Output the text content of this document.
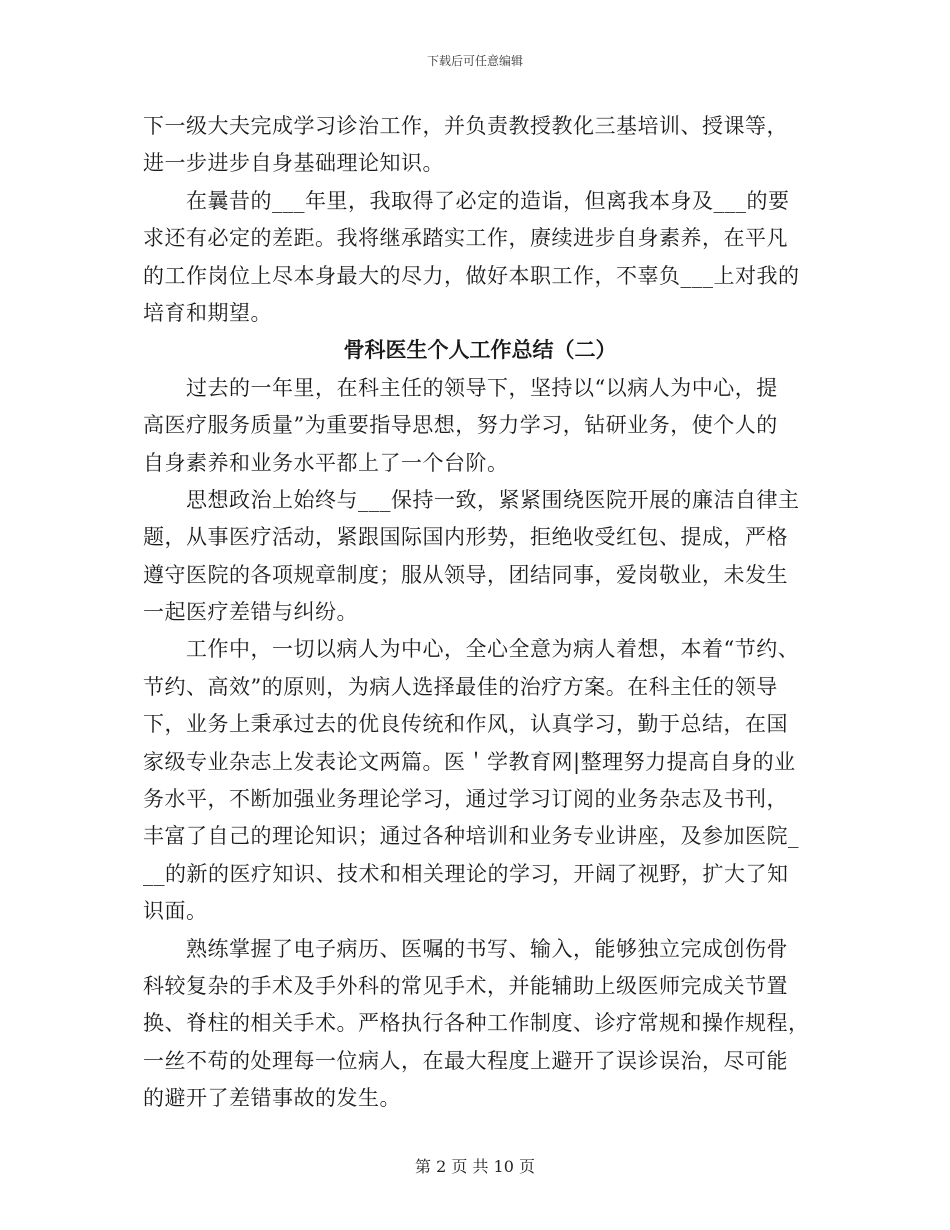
下载后可任意编辑
下一级大夫完成学习诊治工作，并负责教授教化三基培训、授课等，
进一步进步自身基础理论知识。
　　在曩昔的___年里，我取得了必定的造诣，但离我本身及___的要
求还有必定的差距。我将继承踏实工作，赓续进步自身素养，在平凡
的工作岗位上尽本身最大的尽力，做好本职工作，不辜负___上对我的
培育和期望。
骨科医生个人工作总结（二）
　　过去的一年里，在科主任的领导下，坚持以“以病人为中心，提
高医疗服务质量”为重要指导思想，努力学习，钻研业务，使个人的
自身素养和业务水平都上了一个台阶。
　　思想政治上始终与___保持一致，紧紧围绕医院开展的廉洁自律主
题，从事医疗活动，紧跟国际国内形势，拒绝收受红包、提成，严格
遵守医院的各项规章制度；服从领导，团结同事，爱岗敬业，未发生
一起医疗差错与纠纷。
　　工作中，一切以病人为中心，全心全意为病人着想，本着“节约、
节约、高效”的原则，为病人选择最佳的治疗方案。在科主任的领导
下，业务上秉承过去的优良传统和作风，认真学习，勤于总结，在国
家级专业杂志上发表论文两篇。医＇学教育网|整理努力提高自身的业
务水平，不断加强业务理论学习，通过学习订阅的业务杂志及书刊，
丰富了自己的理论知识；通过各种培训和业务专业讲座，及参加医院_
__的新的医疗知识、技术和相关理论的学习，开阔了视野，扩大了知
识面。
　　熟练掌握了电子病历、医嘱的书写、输入，能够独立完成创伤骨
科较复杂的手术及手外科的常见手术，并能辅助上级医师完成关节置
换、脊柱的相关手术。严格执行各种工作制度、诊疗常规和操作规程，
一丝不苟的处理每一位病人，在最大程度上避开了误诊误治，尽可能
的避开了差错事故的发生。
第 2 页 共 10 页
